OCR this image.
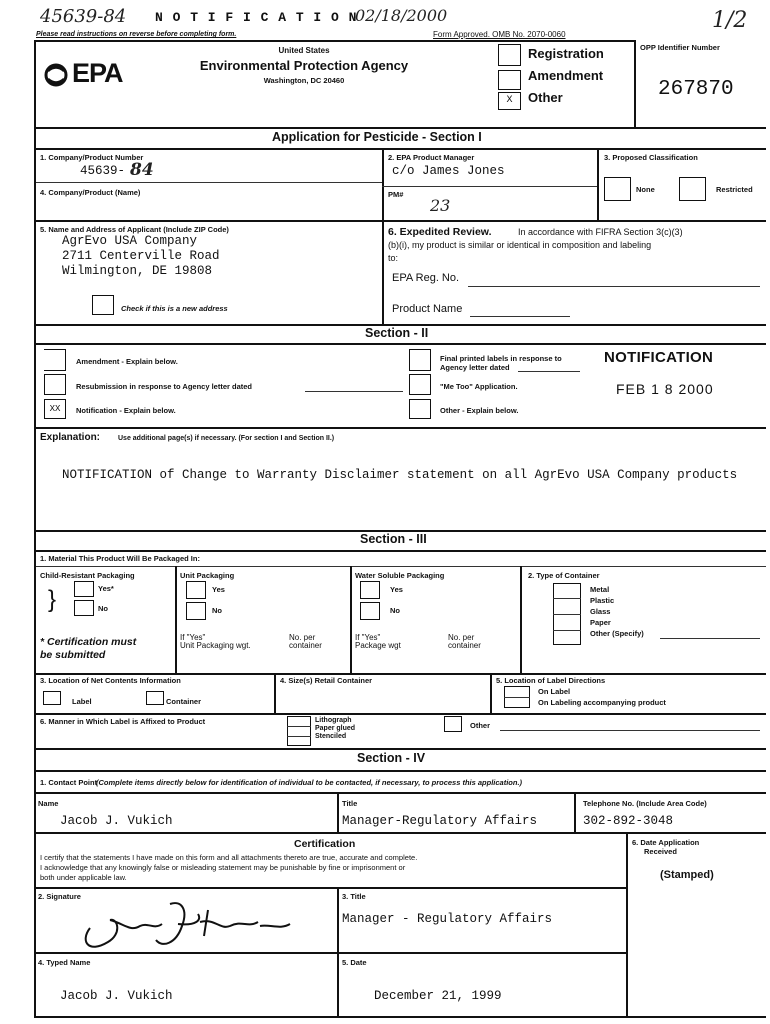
45639-84 N O T I F I C A T I O N
02/18/2000	1/2
Please read instructions on reverse before completing form.	Form Approved. OMB No. 2070-0060
EPA
United States
Environmental Protection Agency
Washington, DC 20460
Registration
Amendment
X	Other
OPP Identifier Number
267870
Application for Pesticide - Section I
1. Company/Product Number
45639- 84
2. EPA Product Manager
c/o James Jones
3. Proposed Classification
None	Restricted
4. Company/Product (Name)	PM#
23
5. Name and Address of Applicant (Include ZIP Code)
AgrEvo USA Company
2711 Centerville Road
Wilmington, DE 19808
Check if this is a new address
6. Expedited Review.	In accordance with FIFRA Section 3(c)(3)
(b)(i), my product is similar or identical in composition and labeling
to:
EPA Reg. No.
Product Name
Section - II
Amendment - Explain below.
Resubmission in response to Agency letter dated
XX	Notification - Explain below.
Final printed labels in response to
Agency letter dated
"Me Too" Application.
Other - Explain below.
NOTIFICATION
FEB 1 8 2000
Explanation:	Use additional page(s) if necessary. (For section I and Section II.)
NOTIFICATION of Change to Warranty Disclaimer statement on all AgrEvo USA Company products
Section - III
1. Material This Product Will Be Packaged In:
Child-Resistant Packaging
Yes*
No
}
* Certification must
be submitted
Unit Packaging
Yes
No
If "Yes"
Unit Packaging wgt.
No. per
container
Water Soluble Packaging
Yes
No
If "Yes"
Package wgt
No. per
container
2. Type of Container
Metal
Plastic
Glass
Paper
Other (Specify)
3. Location of Net Contents Information
Label	Container
4. Size(s) Retail Container	5. Location of Label Directions
On Label
On Labeling accompanying product
6. Manner in Which Label is Affixed to Product	Lithograph
Paper glued
Stenciled
Other
Section - IV
1. Contact Point
(Complete items directly below for identification of individual to be contacted, if necessary, to process this application.)
Name
Jacob J. Vukich
Title
Manager-Regulatory Affairs
Telephone No. (Include Area Code)
302-892-3048
Certification
I certify that the statements I have made on this form and all attachments thereto are true, accurate and complete.
I acknowledge that any knowingly false or misleading statement may be punishable by fine or imprisonment or
both under applicable law.
6. Date Application
Received
(Stamped)
2. Signature	3. Title
Manager - Regulatory Affairs
4. Typed Name
Jacob J. Vukich
5. Date
December 21, 1999
